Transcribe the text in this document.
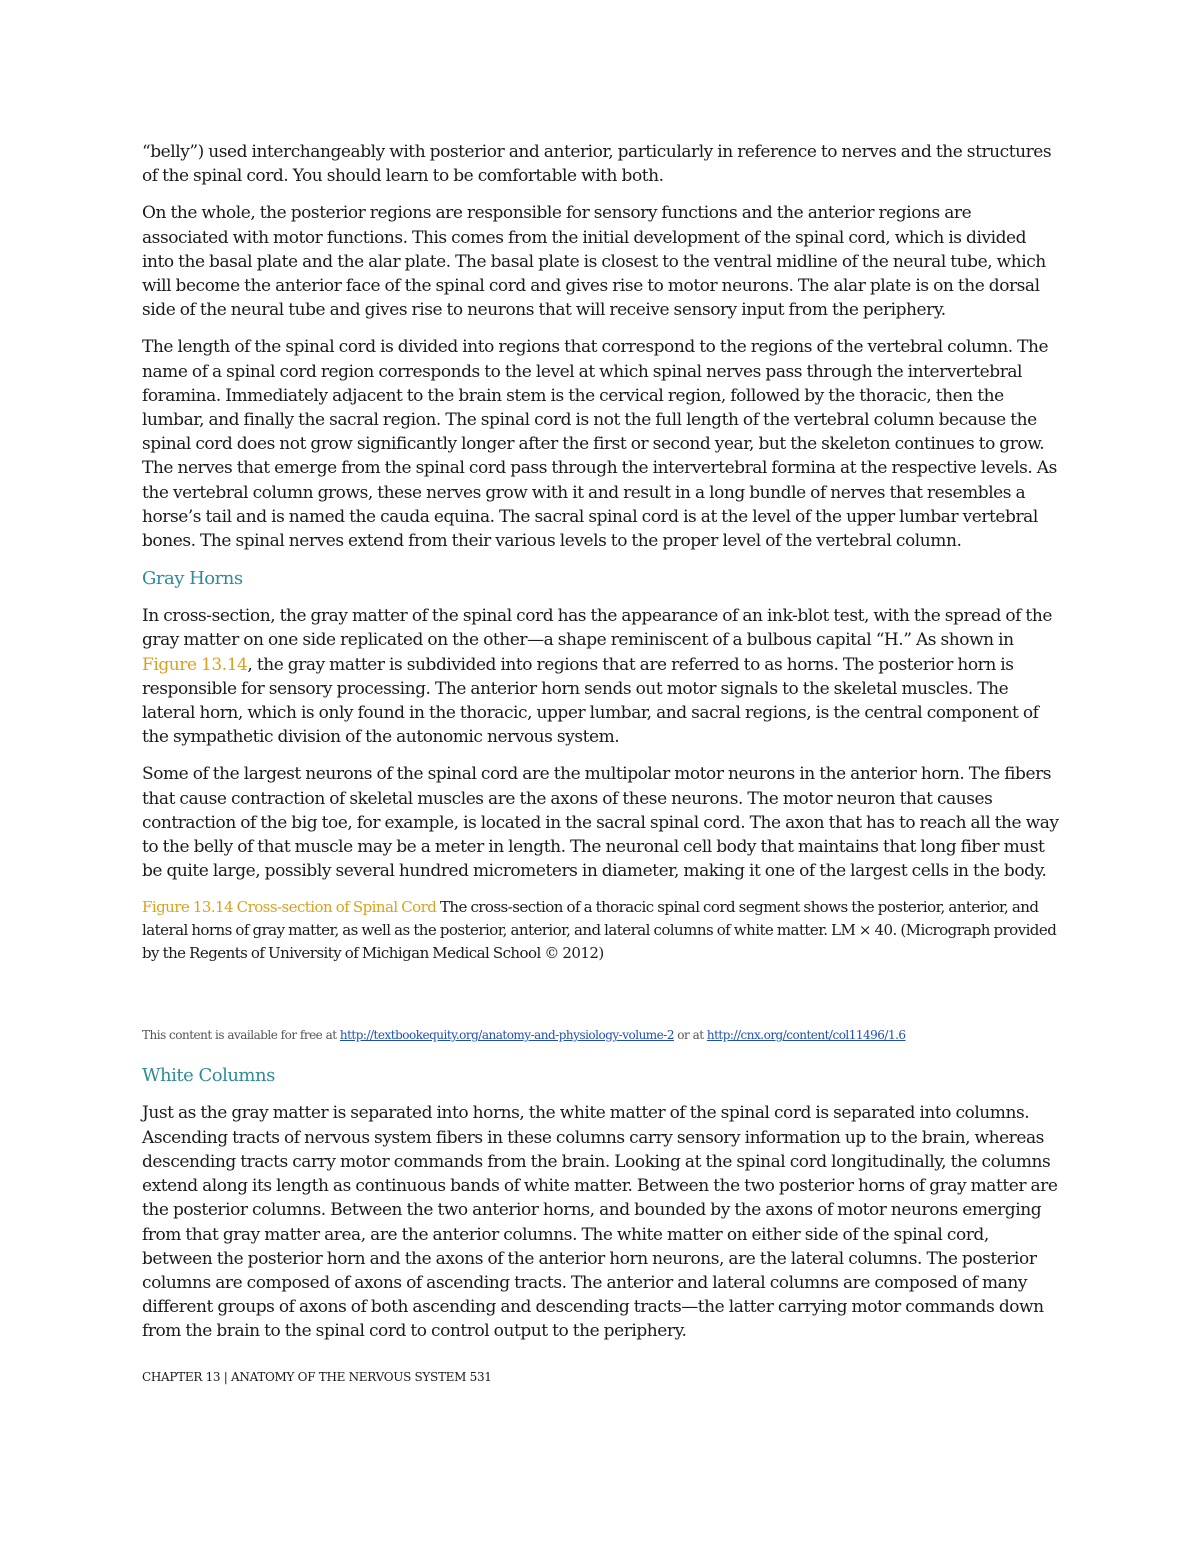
“belly”) used interchangeably with posterior and anterior, particularly in reference to nerves and the structures of the spinal cord. You should learn to be comfortable with both.

On the whole, the posterior regions are responsible for sensory functions and the anterior regions are associated with motor functions. This comes from the initial development of the spinal cord, which is divided into the basal plate and the alar plate. The basal plate is closest to the ventral midline of the neural tube, which will become the anterior face of the spinal cord and gives rise to motor neurons. The alar plate is on the dorsal side of the neural tube and gives rise to neurons that will receive sensory input from the periphery.

The length of the spinal cord is divided into regions that correspond to the regions of the vertebral column. The name of a spinal cord region corresponds to the level at which spinal nerves pass through the intervertebral foramina. Immediately adjacent to the brain stem is the cervical region, followed by the thoracic, then the lumbar, and finally the sacral region. The spinal cord is not the full length of the vertebral column because the spinal cord does not grow significantly longer after the first or second year, but the skeleton continues to grow. The nerves that emerge from the spinal cord pass through the intervertebral formina at the respective levels. As the vertebral column grows, these nerves grow with it and result in a long bundle of nerves that resembles a horse’s tail and is named the cauda equina. The sacral spinal cord is at the level of the upper lumbar vertebral bones. The spinal nerves extend from their various levels to the proper level of the vertebral column.

Gray Horns

In cross-section, the gray matter of the spinal cord has the appearance of an ink-blot test, with the spread of the gray matter on one side replicated on the other—a shape reminiscent of a bulbous capital “H.” As shown in Figure 13.14, the gray matter is subdivided into regions that are referred to as horns. The posterior horn is responsible for sensory processing. The anterior horn sends out motor signals to the skeletal muscles. The lateral horn, which is only found in the thoracic, upper lumbar, and sacral regions, is the central component of the sympathetic division of the autonomic nervous system.

Some of the largest neurons of the spinal cord are the multipolar motor neurons in the anterior horn. The fibers that cause contraction of skeletal muscles are the axons of these neurons. The motor neuron that causes contraction of the big toe, for example, is located in the sacral spinal cord. The axon that has to reach all the way to the belly of that muscle may be a meter in length. The neuronal cell body that maintains that long fiber must be quite large, possibly several hundred micrometers in diameter, making it one of the largest cells in the body.

Figure 13.14 Cross-section of Spinal Cord The cross-section of a thoracic spinal cord segment shows the posterior, anterior, and lateral horns of gray matter, as well as the posterior, anterior, and lateral columns of white matter. LM × 40. (Micrograph provided by the Regents of University of Michigan Medical School © 2012)

This content is available for free at http://textbookequity.org/anatomy-and-physiology-volume-2 or at http://cnx.org/content/col11496/1.6
White Columns

Just as the gray matter is separated into horns, the white matter of the spinal cord is separated into columns. Ascending tracts of nervous system fibers in these columns carry sensory information up to the brain, whereas descending tracts carry motor commands from the brain. Looking at the spinal cord longitudinally, the columns extend along its length as continuous bands of white matter. Between the two posterior horns of gray matter are the posterior columns. Between the two anterior horns, and bounded by the axons of motor neurons emerging from that gray matter area, are the anterior columns. The white matter on either side of the spinal cord, between the posterior horn and the axons of the anterior horn neurons, are the lateral columns. The posterior columns are composed of axons of ascending tracts. The anterior and lateral columns are composed of many different groups of axons of both ascending and descending tracts—the latter carrying motor commands down from the brain to the spinal cord to control output to the periphery.

CHAPTER 13 | ANATOMY OF THE NERVOUS SYSTEM 531
